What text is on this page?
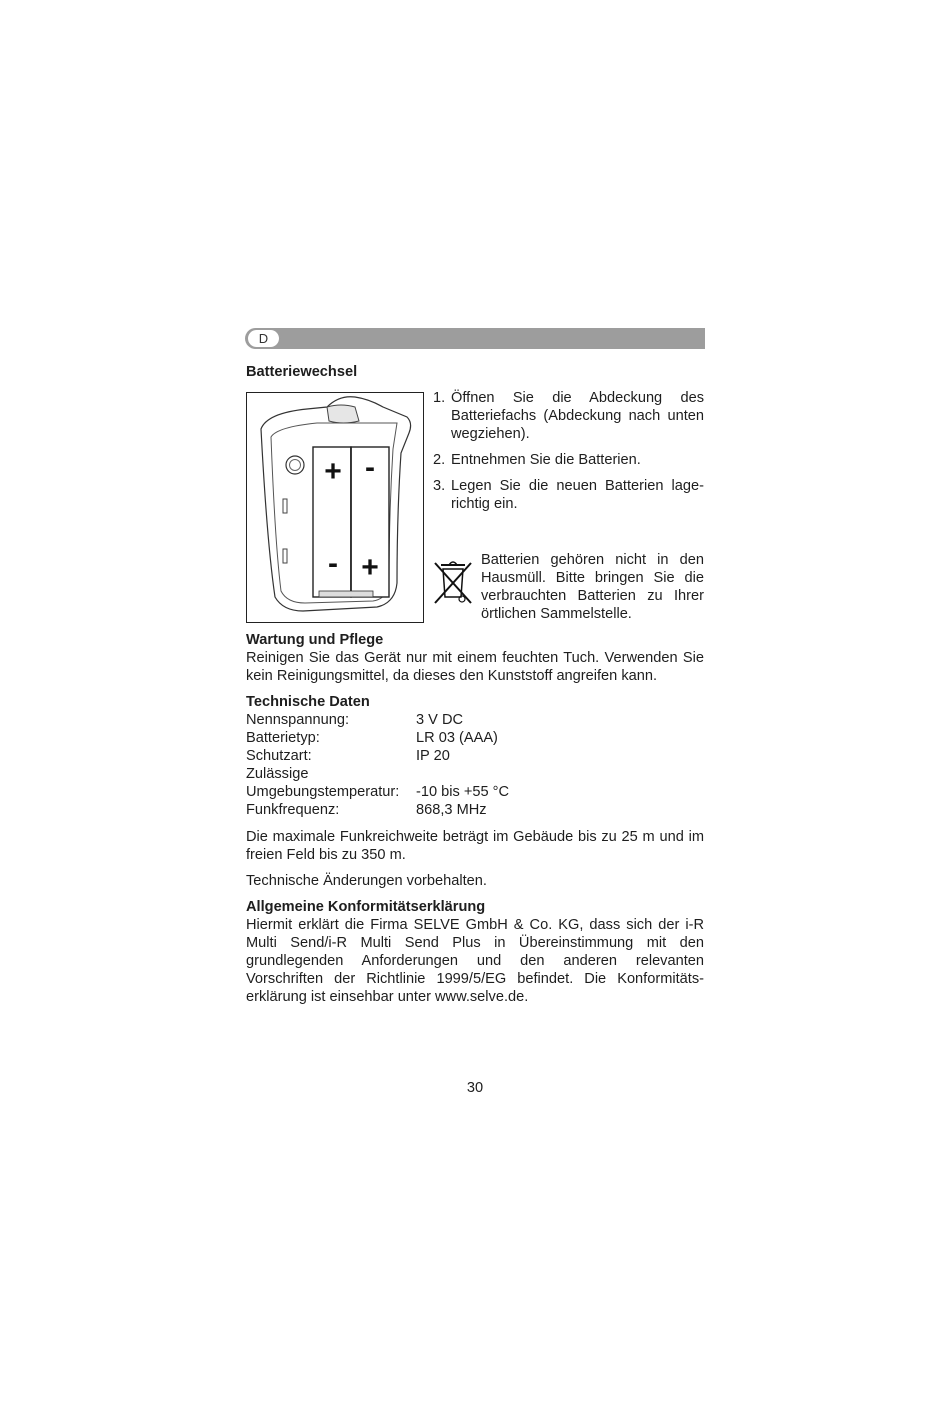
D
Batteriewechsel
+ -
- +
1. Öffnen Sie die Abdeckung des Batteriefachs (Abdeckung nach unten wegziehen).
2. Entnehmen Sie die Batterien.
3. Legen Sie die neuen Batterien lage-richtig ein.
Batterien gehören nicht in den Hausmüll. Bitte bringen Sie die verbrauchten Batterien zu Ihrer örtlichen Sammelstelle.
Wartung und Pflege
Reinigen Sie das Gerät nur mit einem feuchten Tuch. Verwenden Sie kein Reinigungsmittel, da dieses den Kunststoff angreifen kann.
Technische Daten
Nennspannung:	3 V DC
Batterietyp:	LR 03 (AAA)
Schutzart:	IP 20
Zulässige
Umgebungstemperatur:	-10 bis +55 °C
Funkfrequenz:	868,3 MHz
Die maximale Funkreichweite beträgt im Gebäude bis zu 25 m und im freien Feld bis zu 350 m.
Technische Änderungen vorbehalten.
Allgemeine Konformitätserklärung
Hiermit erklärt die Firma SELVE GmbH & Co. KG, dass sich der i-R Multi Send/i-R Multi Send Plus in Übereinstimmung mit den grundlegenden Anforderungen und den anderen relevanten Vorschriften der Richtlinie 1999/5/EG befindet. Die Konformitäts-erklärung ist einsehbar unter www.selve.de.
30
